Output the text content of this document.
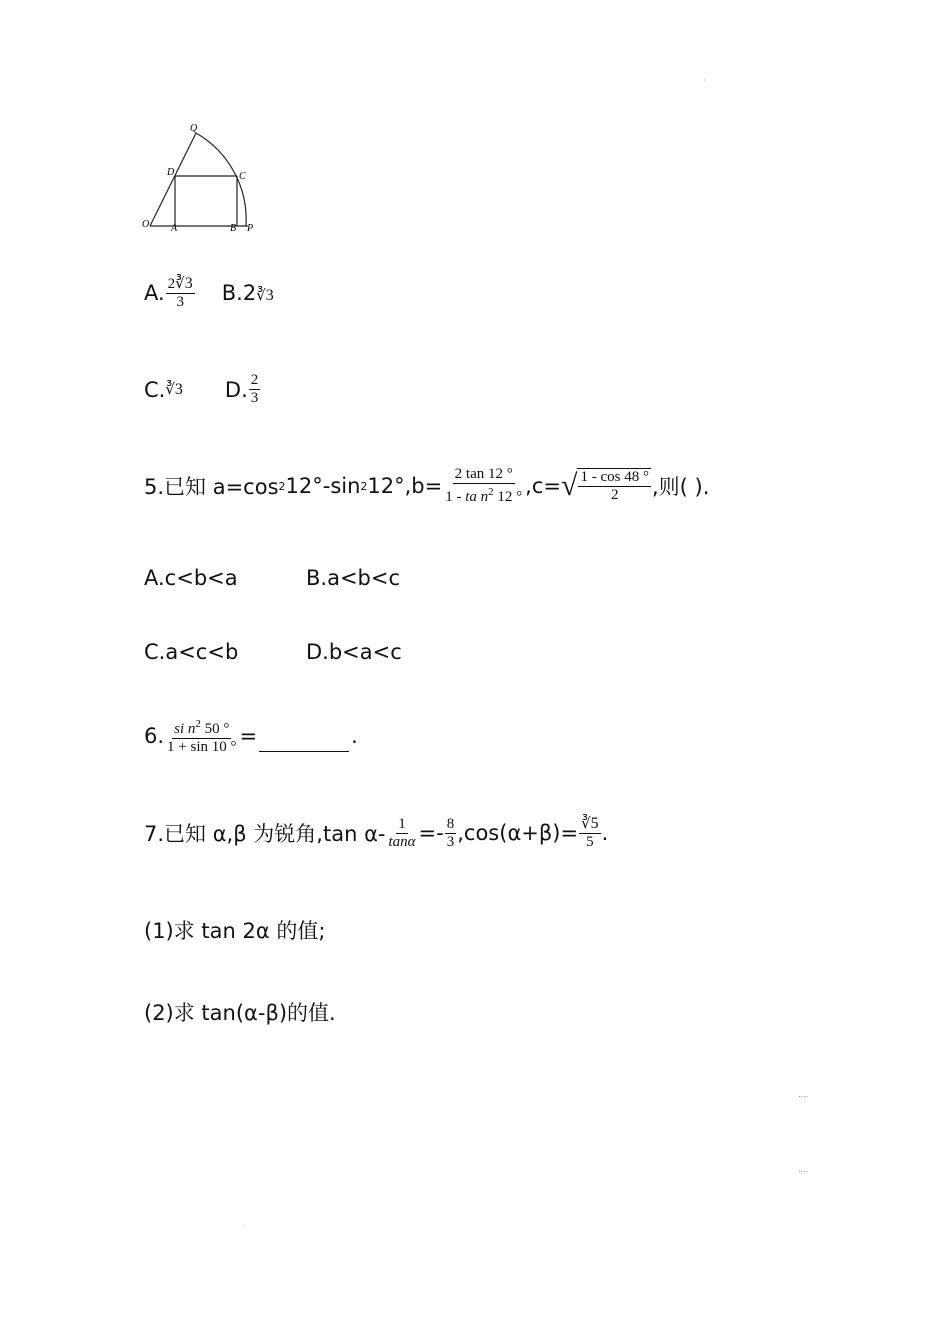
·
....
....
·
Q
D	C
O A	B P
A. $\frac{2∛3}{3} B$. 2∛3
C. ∛3 D. $\frac{2}{3}$
5.已知 a=cos 2 12°-sin 2 $12^\circ,b= \frac{2 \tan 12 ^\circ}{1 - ta n^2 12 ^\circ} ,c=$ √ $\frac{1 - \cos 48 ^\circ}{2}$ ,则( ).
A.c<b<a	B.a<b<c
C.a<c<b	D.b<a<c
6. $\frac{si n^2 50 ^\circ}{1 + \sin 10 ^\circ}$ =	.
7.已知 α,β 为锐角,tan $\alpha- \frac{1}{\tan\alpha} =- \frac{8}{3} ,\cos(\alpha+\beta)= \frac{∛5}{5}$ .
(1)求 tan 2α 的值;
(2)求 tan(α-β)的值.
